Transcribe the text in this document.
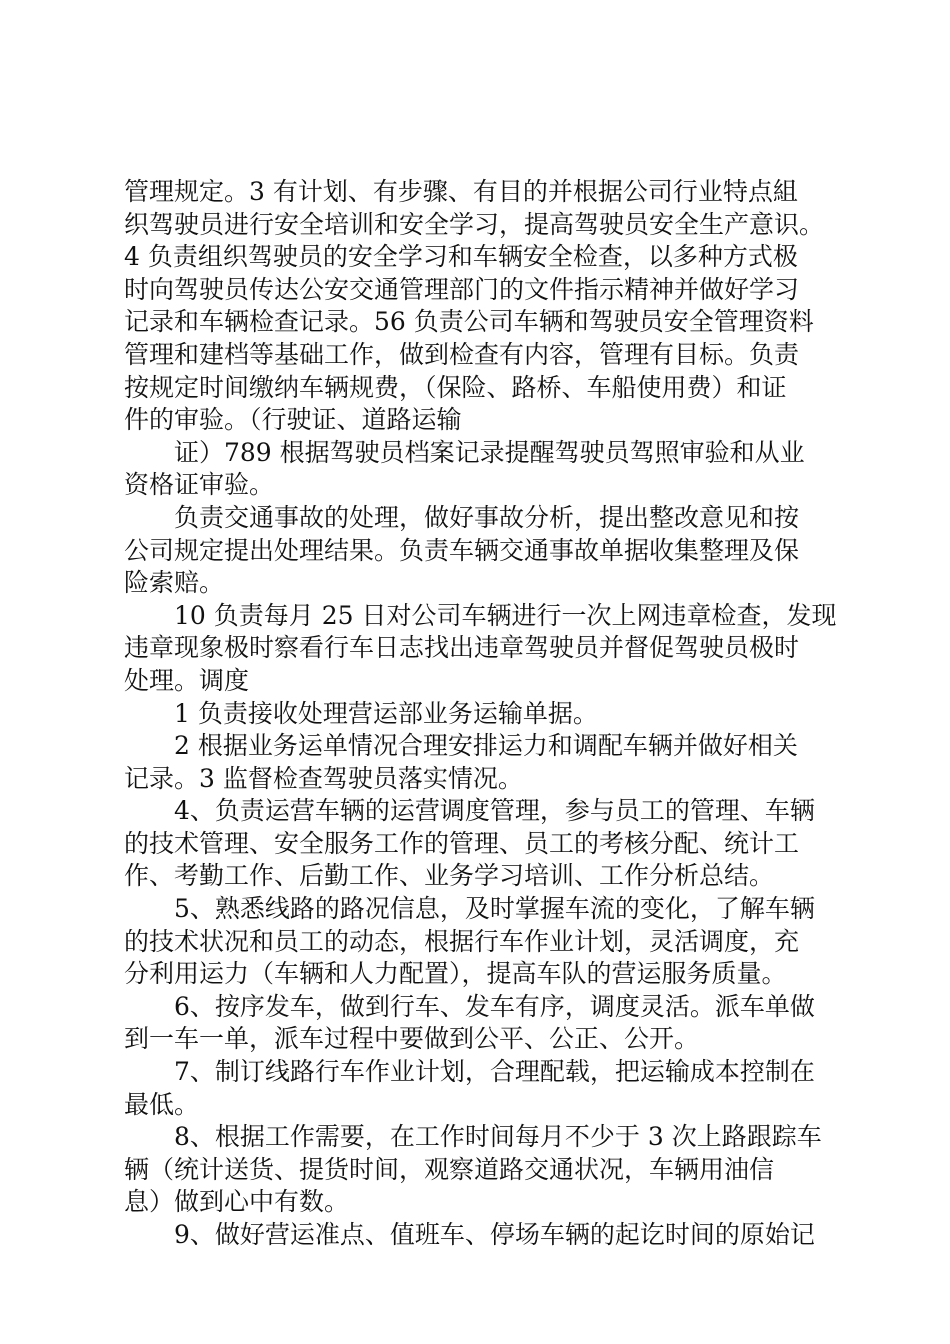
管理规定。3 有计划、有步骤、有目的并根据公司行业特点組
织驾驶员进行安全培训和安全学习，提高驾驶员安全生产意识。
4 负责组织驾驶员的安全学习和车辆安全检查，以多种方式极
时向驾驶员传达公安交通管理部门的文件指示精神并做好学习
记录和车辆检查记录。56 负责公司车辆和驾驶员安全管理资料
管理和建档等基础工作，做到检查有内容，管理有目标。负责
按规定时间缴纳车辆规费，（保险、路桥、车船使用费）和证
件的审验。（行驶证、道路运输
　　证）789 根据驾驶员档案记录提醒驾驶员驾照审验和从业
资格证审验。
　　负责交通事故的处理，做好事故分析，提出整改意见和按
公司规定提出处理结果。负责车辆交通事故单据收集整理及保
险索赔。
　　10 负责每月 25 日对公司车辆进行一次上网违章检查，发现
违章现象极时察看行车日志找出违章驾驶员并督促驾驶员极时
处理。调度
　　1 负责接收处理营运部业务运输单据。
　　2 根据业务运单情况合理安排运力和调配车辆并做好相关
记录。3 监督检查驾驶员落实情况。
　　4、负责运营车辆的运营调度管理，参与员工的管理、车辆
的技术管理、安全服务工作的管理、员工的考核分配、统计工
作、考勤工作、后勤工作、业务学习培训、工作分析总结。
　　5、熟悉线路的路况信息，及时掌握车流的变化，了解车辆
的技术状况和员工的动态，根据行车作业计划，灵活调度，充
分利用运力（车辆和人力配置），提高车队的营运服务质量。
　　6、按序发车，做到行车、发车有序，调度灵活。派车单做
到一车一单，派车过程中要做到公平、公正、公开。
　　7、制订线路行车作业计划，合理配载，把运输成本控制在
最低。
　　8、根据工作需要，在工作时间每月不少于 3 次上路跟踪车
辆（统计送货、提货时间，观察道路交通状况，车辆用油信
息）做到心中有数。
　　9、做好营运准点、值班车、停场车辆的起讫时间的原始记
